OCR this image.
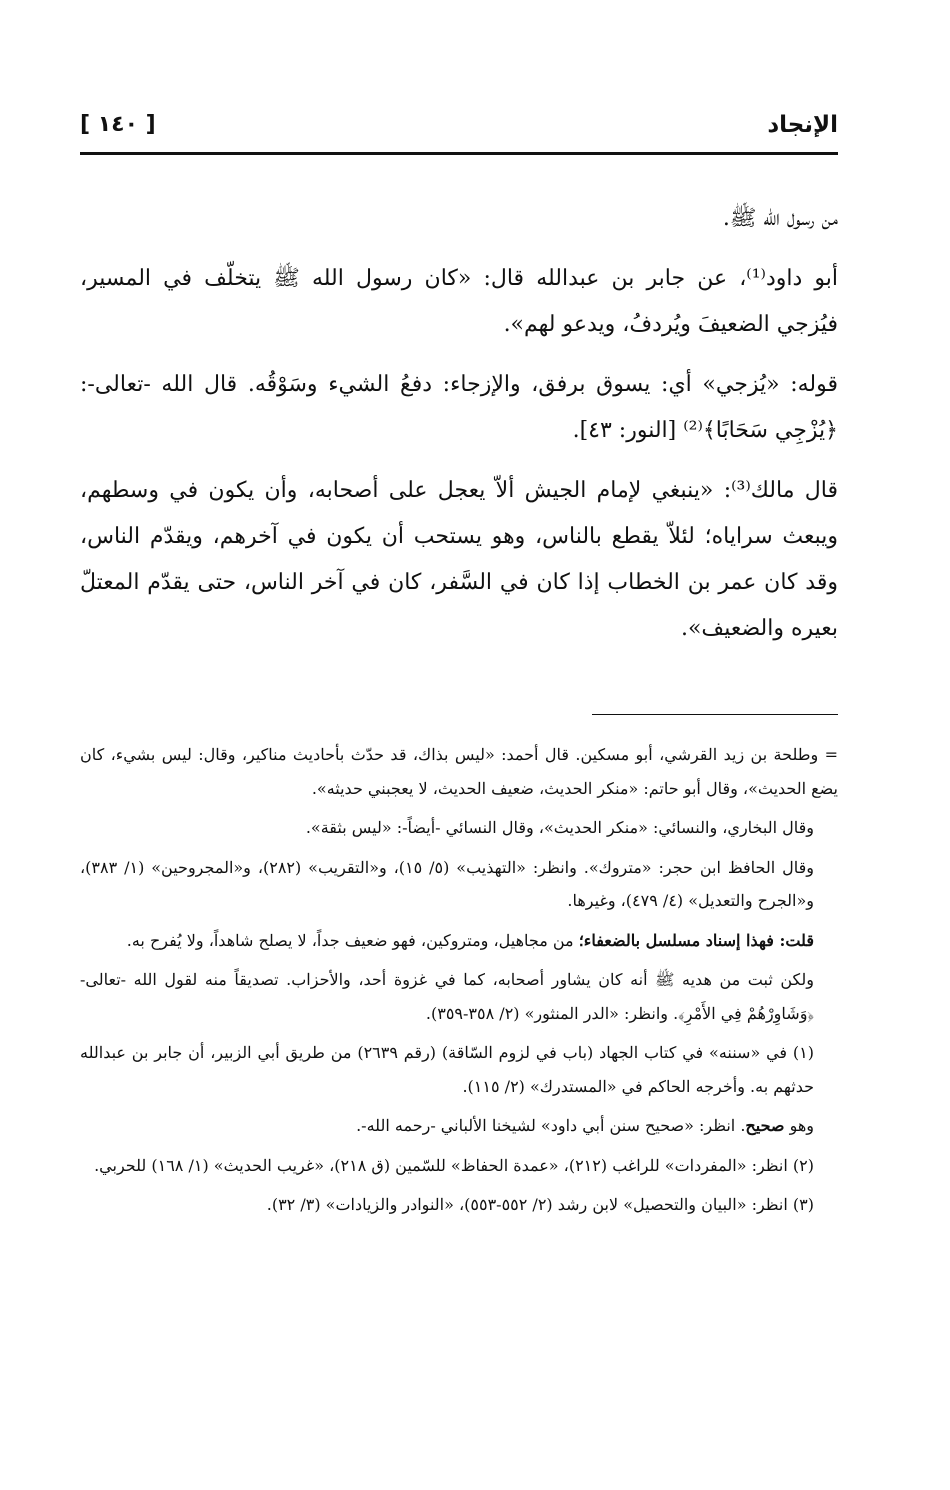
الإنجاد
[ ١٤٠ ]

من رسول الله ﷺ.

أبو داود⁽¹⁾، عن جابر بن عبدالله قال: «كان رسول الله ﷺ يتخلّف في المسير، فيُزجي الضعيفَ ويُردفُ، ويدعو لهم».

قوله: «يُزجي» أي: يسوق برفق، والإزجاء: دفعُ الشيء وسَوْقُه. قال الله -تعالى-: ﴿يُزْجِي سَحَابًا﴾⁽²⁾ [النور: ٤٣].

قال مالك⁽³⁾: «ينبغي لإمام الجيش ألاّ يعجل على أصحابه، وأن يكون في وسطهم، ويبعث سراياه؛ لئلاّ يقطع بالناس، وهو يستحب أن يكون في آخرهم، ويقدّم الناس، وقد كان عمر بن الخطاب إذا كان في السَّفر، كان في آخر الناس، حتى يقدّم المعتلّ بعيره والضعيف».

= وطلحة بن زيد القرشي، أبو مسكين. قال أحمد: «ليس بذاك، قد حدّث بأحاديث مناكير، وقال: ليس بشيء، كان يضع الحديث»، وقال أبو حاتم: «منكر الحديث، ضعيف الحديث، لا يعجبني حديثه».

وقال البخاري، والنسائي: «منكر الحديث»، وقال النسائي -أيضاً-: «ليس بثقة».

وقال الحافظ ابن حجر: «متروك». وانظر: «التهذيب» (٥/ ١٥)، و«التقريب» (٢٨٢)، و«المجروحين» (١/ ٣٨٣)، و«الجرح والتعديل» (٤/ ٤٧٩)، وغيرها.

قلت: فهذا إسناد مسلسل بالضعفاء؛ من مجاهيل، ومتروكين، فهو ضعيف جداً، لا يصلح شاهداً، ولا يُفرح به.

ولكن ثبت من هديه ﷺ أنه كان يشاور أصحابه، كما في غزوة أحد، والأحزاب. تصديقاً منه لقول الله -تعالى- ﴿وَشَاوِرْهُمْ فِي الأَمْرِ﴾. وانظر: «الدر المنثور» (٢/ ٣٥٨-٣٥٩).

(١) في «سننه» في كتاب الجهاد (باب في لزوم السّاقة) (رقم ٢٦٣٩) من طريق أبي الزبير، أن جابر بن عبدالله حدثهم به. وأخرجه الحاكم في «المستدرك» (٢/ ١١٥).

وهو صحيح. انظر: «صحيح سنن أبي داود» لشيخنا الألباني -رحمه الله-.

(٢) انظر: «المفردات» للراغب (٢١٢)، «عمدة الحفاظ» للسّمين (ق ٢١٨)، «غريب الحديث» (١/ ١٦٨) للحربي.

(٣) انظر: «البيان والتحصيل» لابن رشد (٢/ ٥٥٢-٥٥٣)، «النوادر والزيادات» (٣/ ٣٢).
